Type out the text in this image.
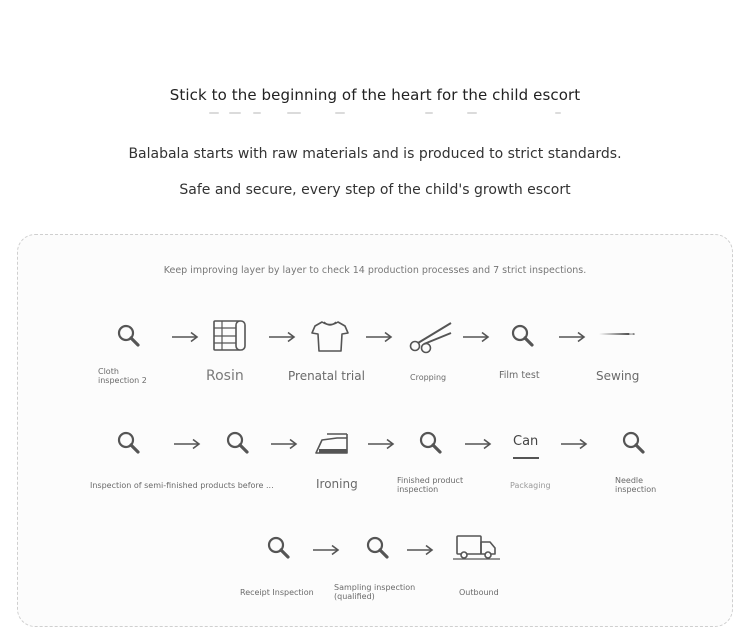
Stick to the beginning of the heart for the child escort
Balabala starts with raw materials and is produced to strict standards.
Safe and secure, every step of the child's growth escort
Keep improving layer by layer to check 14 production processes and 7 strict inspections.
Cloth
inspection 2	Rosin	Prenatal trial	Cropping	Film test	Sewing
Inspection of semi-finished products before ...	Ironing	Finished product
inspection
Can
Packaging
Needle
inspection
Receipt Inspection
Sampling inspection
(qualified)	Outbound
